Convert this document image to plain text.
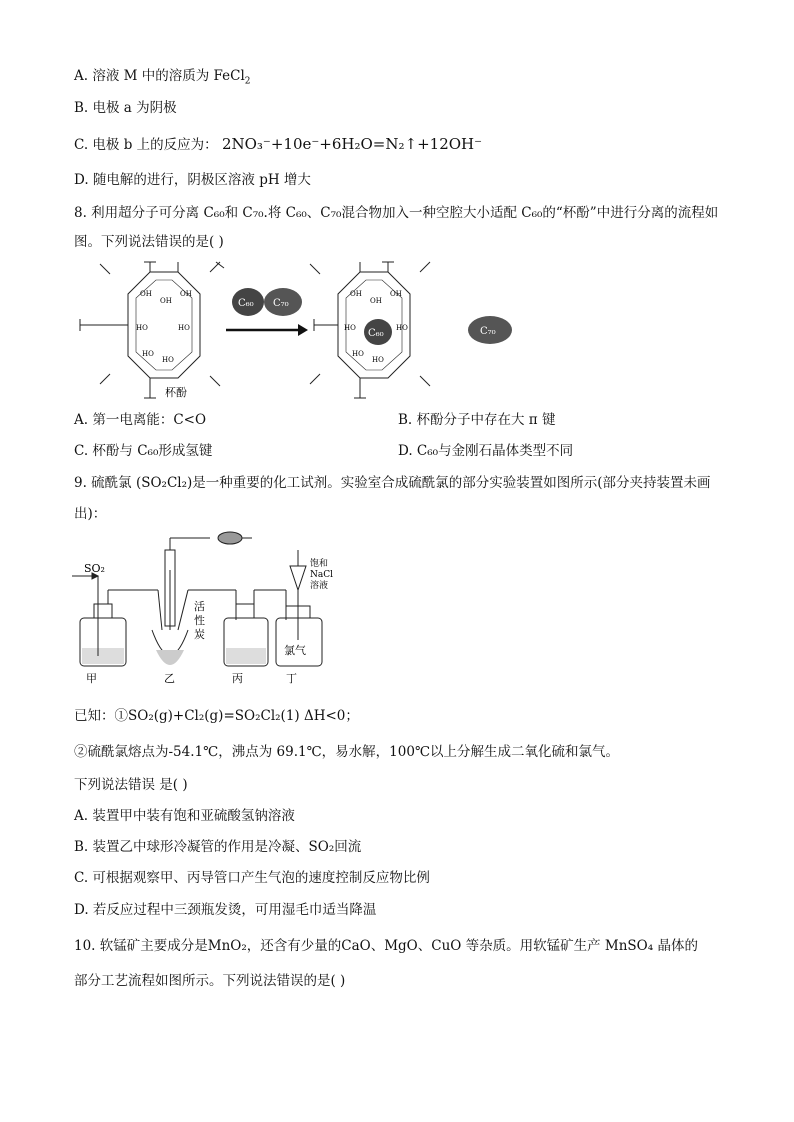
A. 溶液 M 中的溶质为 FeCl$_2$
B. 电极 a 为阴极
C. 电极 b 上的反应为： 2NO₃⁻+10e⁻+6H₂O=N₂↑+12OH⁻
D. 随电解的进行，阴极区溶液 pH 增大
8. 利用超分子可分离 C₆₀和 C₇₀.将 C₆₀、C₇₀混合物加入一种空腔大小适配 C₆₀的“杯酚”中进行分离的流程如
图。下列说法错误的是( )
OH
OH
OH
HO	HO
HO
HO
杯酚
C₆₀ C₇₀
OH
OH
OH
HO	HO
HO
HO
C₆₀	C₇₀
A. 第一电离能：C<O	B. 杯酚分子中存在大 π 键
C. 杯酚与 C₆₀形成氢键	D. C₆₀与金刚石晶体类型不同
9. 硫酰氯 (SO₂Cl₂)是一种重要的化工试剂。实验室合成硫酰氯的部分实验装置如图所示(部分夹持装置未画
出)：
SO₂
活
性
炭
饱和
NaCl
溶液
氯气
甲	乙	丙	丁
已知：①SO₂(g)+Cl₂(g)=SO₂Cl₂(1) ΔH<0；
②硫酰氯熔点为-54.1℃，沸点为 69.1℃，易水解，100℃以上分解生成二氧化硫和氯气。
下列说法错误 是( )
A. 装置甲中装有饱和亚硫酸氢钠溶液
B. 装置乙中球形冷凝管的作用是冷凝、SO₂回流
C. 可根据观察甲、丙导管口产生气泡的速度控制反应物比例
D. 若反应过程中三颈瓶发烫，可用湿毛巾适当降温
10. 软锰矿主要成分是MnO₂，还含有少量的CaO、MgO、CuO 等杂质。用软锰矿生产 MnSO₄ 晶体的
部分工艺流程如图所示。下列说法错误的是( )
